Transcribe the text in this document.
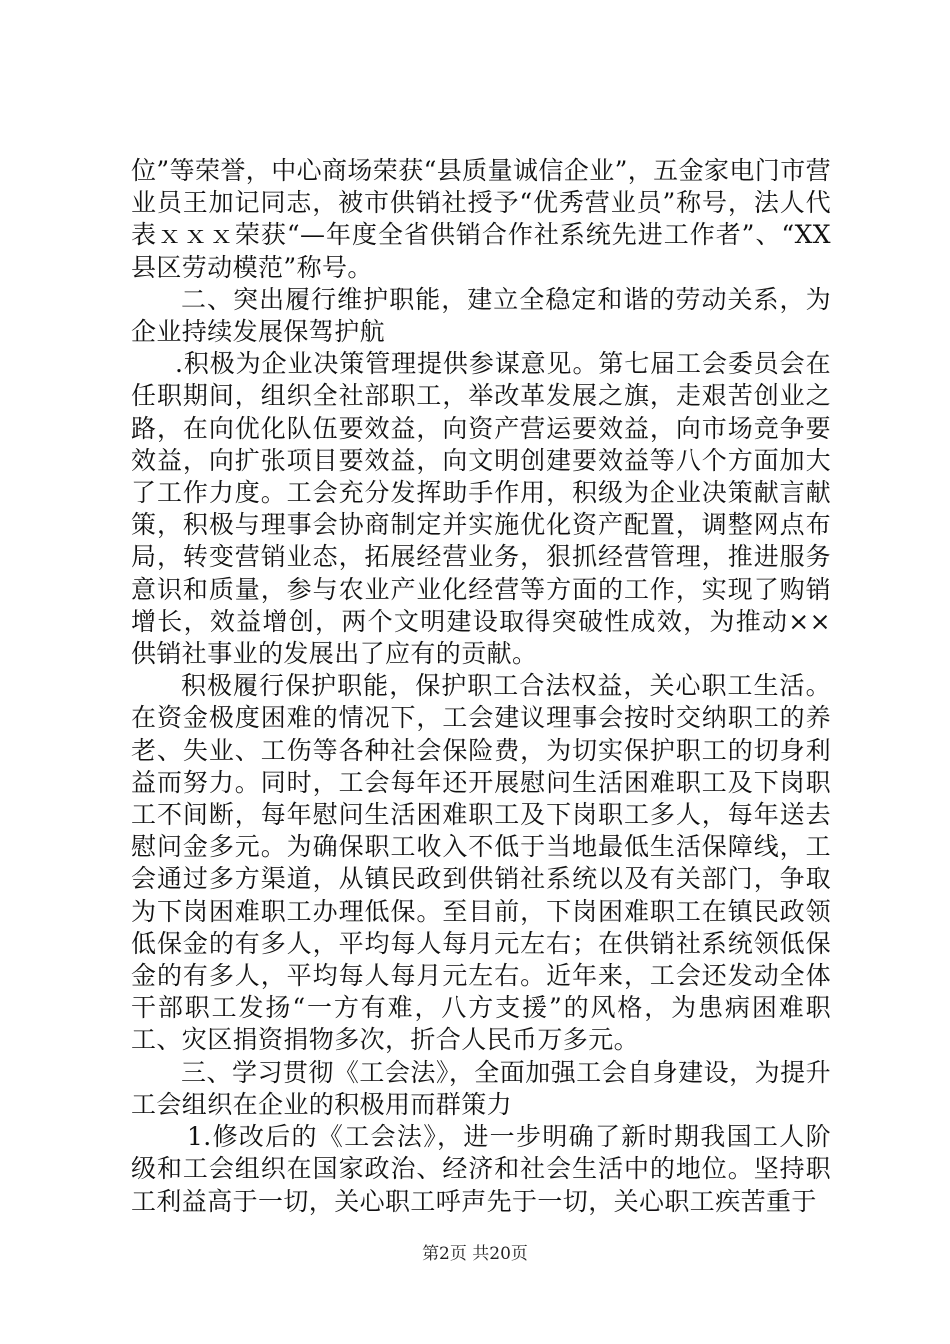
位”等荣誉，中心商场荣获“县质量诚信企业”，五金家电门市营业员王加记同志，被市供销社授予“优秀营业员”称号，法人代表ｘｘｘ荣获“—年度全省供销合作社系统先进工作者”、“XX县区劳动模范”称号。

二、突出履行维护职能，建立全稳定和谐的劳动关系，为企业持续发展保驾护航

.积极为企业决策管理提供参谋意见。第七届工会委员会在任职期间，组织全社部职工，举改革发展之旗，走艰苦创业之路，在向优化队伍要效益，向资产营运要效益，向市场竞争要效益，向扩张项目要效益，向文明创建要效益等八个方面加大了工作力度。工会充分发挥助手作用，积级为企业决策献言献策，积极与理事会协商制定并实施优化资产配置，调整网点布局，转变营销业态，拓展经营业务，狠抓经营管理，推进服务意识和质量，参与农业产业化经营等方面的工作，实现了购销增长，效益增创，两个文明建设取得突破性成效，为推动××供销社事业的发展出了应有的贡献。

积极履行保护职能，保护职工合法权益，关心职工生活。在资金极度困难的情况下，工会建议理事会按时交纳职工的养老、失业、工伤等各种社会保险费，为切实保护职工的切身利益而努力。同时，工会每年还开展慰问生活困难职工及下岗职工不间断，每年慰问生活困难职工及下岗职工多人，每年送去慰问金多元。为确保职工收入不低于当地最低生活保障线，工会通过多方渠道，从镇民政到供销社系统以及有关部门，争取为下岗困难职工办理低保。至目前，下岗困难职工在镇民政领低保金的有多人，平均每人每月元左右；在供销社系统领低保金的有多人，平均每人每月元左右。近年来，工会还发动全体干部职工发扬“一方有难，八方支援”的风格，为患病困难职工、灾区捐资捐物多次，折合人民币万多元。

三、学习贯彻《工会法》，全面加强工会自身建设，为提升工会组织在企业的积极用而群策力

1.修改后的《工会法》，进一步明确了新时期我国工人阶级和工会组织在国家政治、经济和社会生活中的地位。坚持职工利益高于一切，关心职工呼声先于一切，关心职工疾苦重于

第2页 共20页
